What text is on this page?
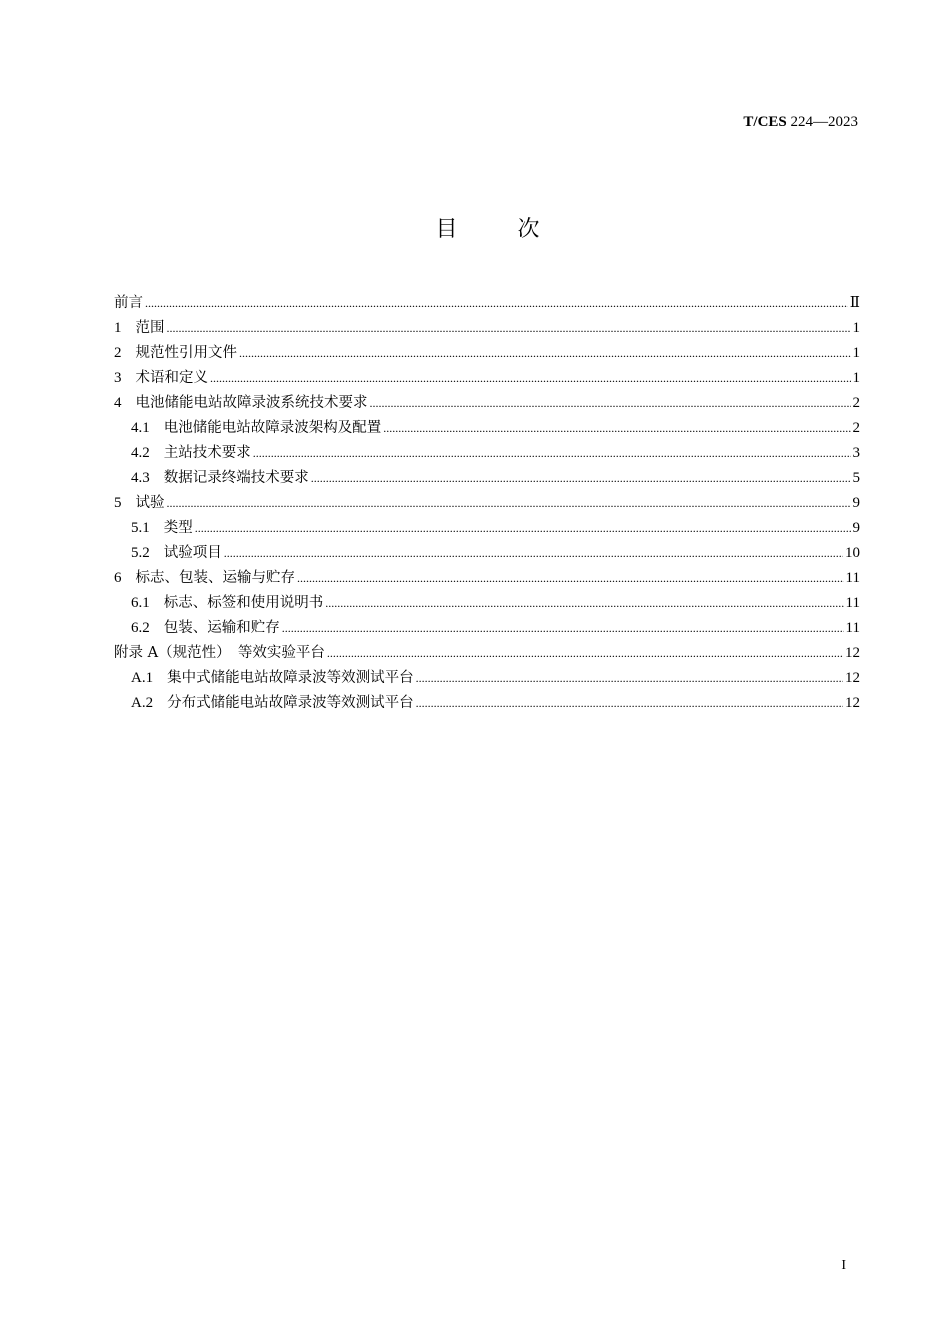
T/CES 224—2023
目	次
前言 .....	Ⅱ
1 范围 .....	1
2 规范性引用文件 .....	1
3 术语和定义 .....	1
4 电池储能电站故障录波系统技术要求 .....	2
4.1 电池储能电站故障录波架构及配置 .....	2
4.2 主站技术要求 .....	3
4.3 数据记录终端技术要求 .....	5
5 试验 .....	9
5.1 类型 .....	9
5.2 试验项目 .....	10
6 标志、包装、运输与贮存 .....	11
6.1 标志、标签和使用说明书 .....	11
6.2 包装、运输和贮存 .....	11
附录 A（规范性）　等效实验平台 .....	12
A.1 集中式储能电站故障录波等效测试平台 .....	12
A.2 分布式储能电站故障录波等效测试平台 .....	12
I
